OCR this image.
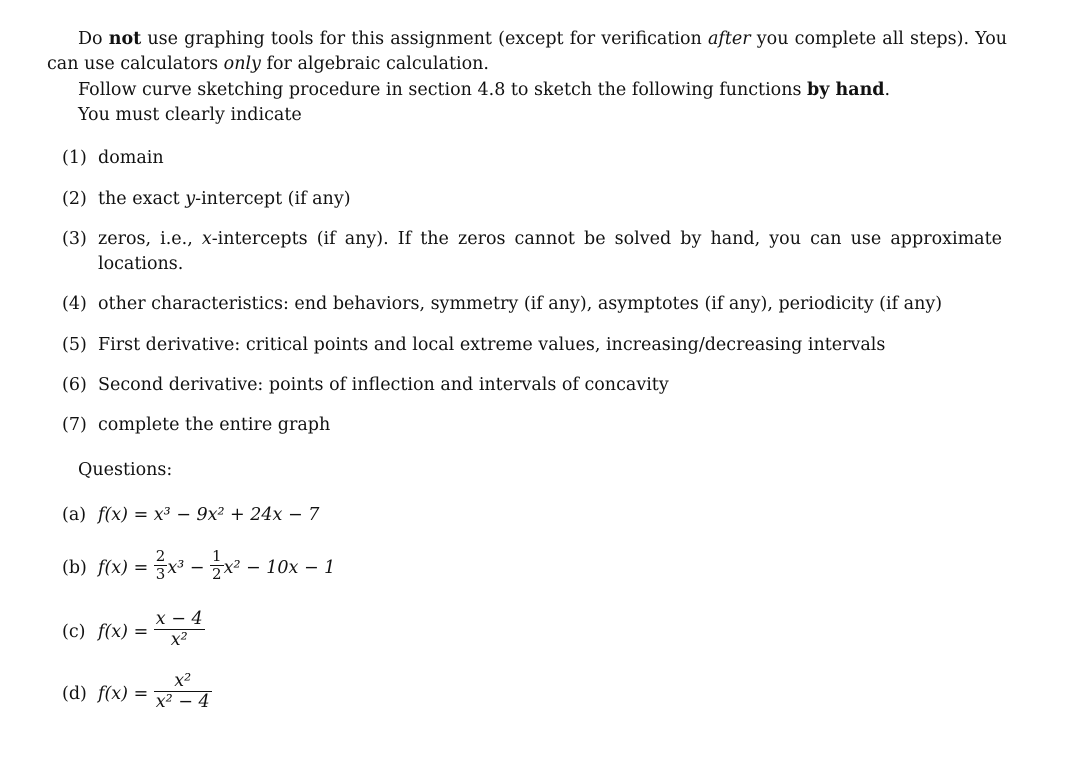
Do not use graphing tools for this assignment (except for verification after you complete all steps). You can use calculators only for algebraic calculation.

Follow curve sketching procedure in section 4.8 to sketch the following functions by hand.
You must clearly indicate
(1) domain
(2) the exact y-intercept (if any)
(3) zeros, i.e., x-intercepts (if any). If the zeros cannot be solved by hand, you can use approximate locations.
(4) other characteristics: end behaviors, symmetry (if any), asymptotes (if any), periodicity (if any)
(5) First derivative: critical points and local extreme values, increasing/decreasing intervals
(6) Second derivative: points of inflection and intervals of concavity
(7) complete the entire graph
Questions:
(a) f(x) = x³ − 9x² + 24x − 7
(b) $f(x) = \frac{2}{3} x^3 - \frac{1}{2} x^2 - 10x - 1$
(c) $f(x) = \frac{x - 4}{\text{x²}}$
(d) $f(x) = \frac{\text{x²}}{\text{x² − 4}}$
